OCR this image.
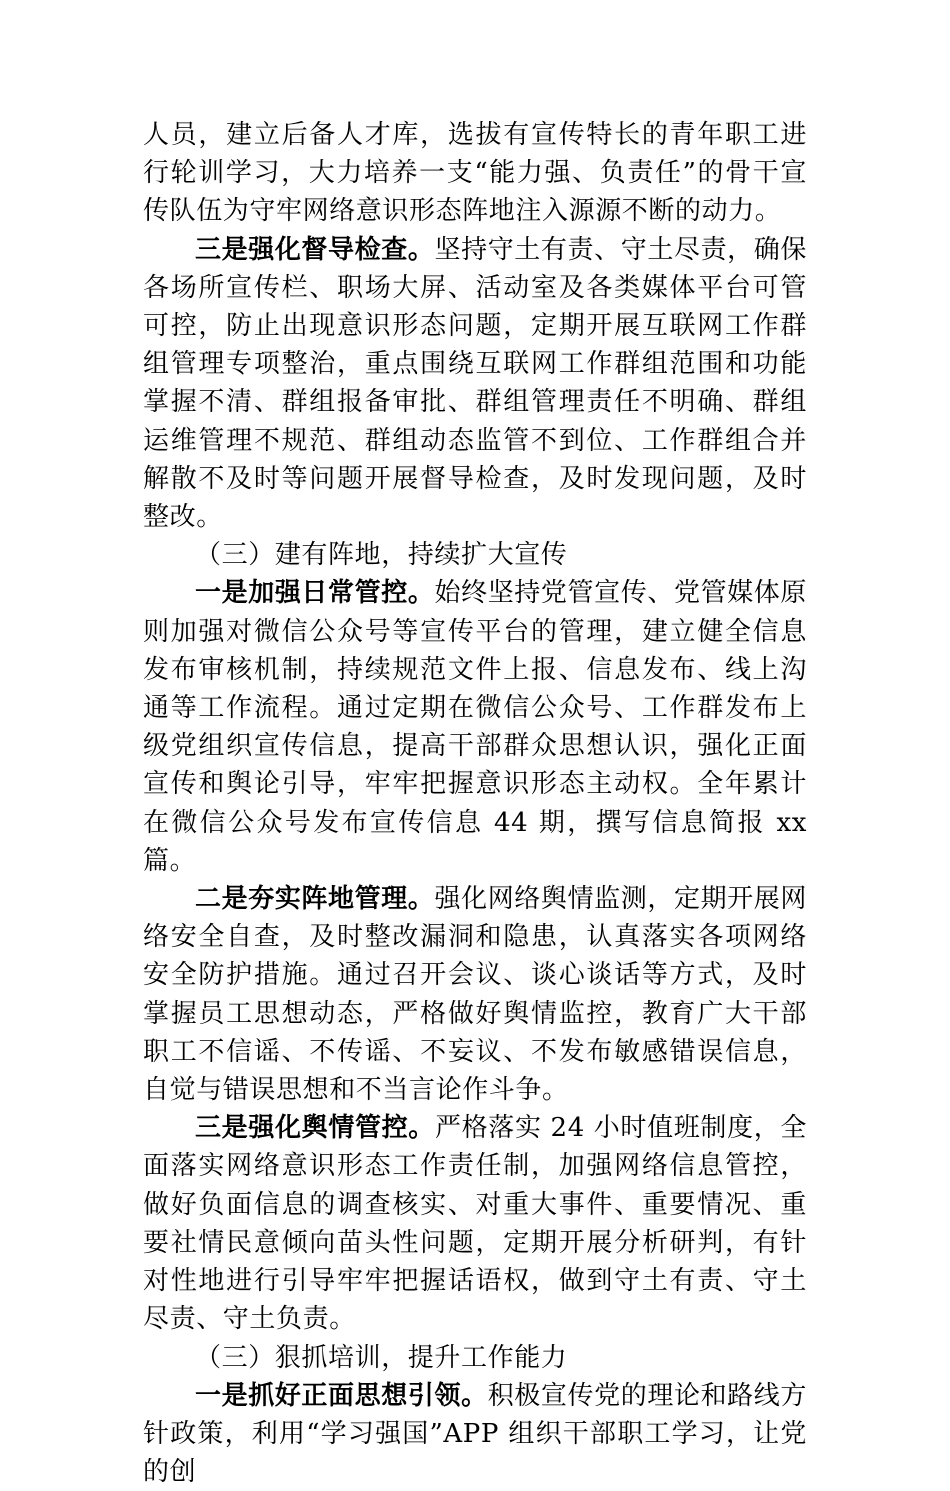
人员，建立后备人才库，选拔有宣传特长的青年职工进行轮训学习，大力培养一支“能力强、负责任”的骨干宣传队伍为守牢网络意识形态阵地注入源源不断的动力。

三是强化督导检查。坚持守土有责、守土尽责，确保各场所宣传栏、职场大屏、活动室及各类媒体平台可管可控，防止出现意识形态问题，定期开展互联网工作群组管理专项整治，重点围绕互联网工作群组范围和功能掌握不清、群组报备审批、群组管理责任不明确、群组运维管理不规范、群组动态监管不到位、工作群组合并解散不及时等问题开展督导检查，及时发现问题，及时整改。

（三）建有阵地，持续扩大宣传

一是加强日常管控。始终坚持党管宣传、党管媒体原则加强对微信公众号等宣传平台的管理，建立健全信息发布审核机制，持续规范文件上报、信息发布、线上沟通等工作流程。通过定期在微信公众号、工作群发布上级党组织宣传信息，提高干部群众思想认识，强化正面宣传和舆论引导，牢牢把握意识形态主动权。全年累计在微信公众号发布宣传信息 44 期，撰写信息简报 xx 篇。

二是夯实阵地管理。强化网络舆情监测，定期开展网络安全自查，及时整改漏洞和隐患，认真落实各项网络安全防护措施。通过召开会议、谈心谈话等方式，及时掌握员工思想动态，严格做好舆情监控，教育广大干部职工不信谣、不传谣、不妄议、不发布敏感错误信息，自觉与错误思想和不当言论作斗争。

三是强化舆情管控。严格落实 24 小时值班制度，全面落实网络意识形态工作责任制，加强网络信息管控，做好负面信息的调查核实、对重大事件、重要情况、重要社情民意倾向苗头性问题，定期开展分析研判，有针对性地进行引导牢牢把握话语权，做到守土有责、守土尽责、守土负责。

（三）狠抓培训，提升工作能力

一是抓好正面思想引领。积极宣传党的理论和路线方针政策，利用“学习强国”APP 组织干部职工学习，让党的创
